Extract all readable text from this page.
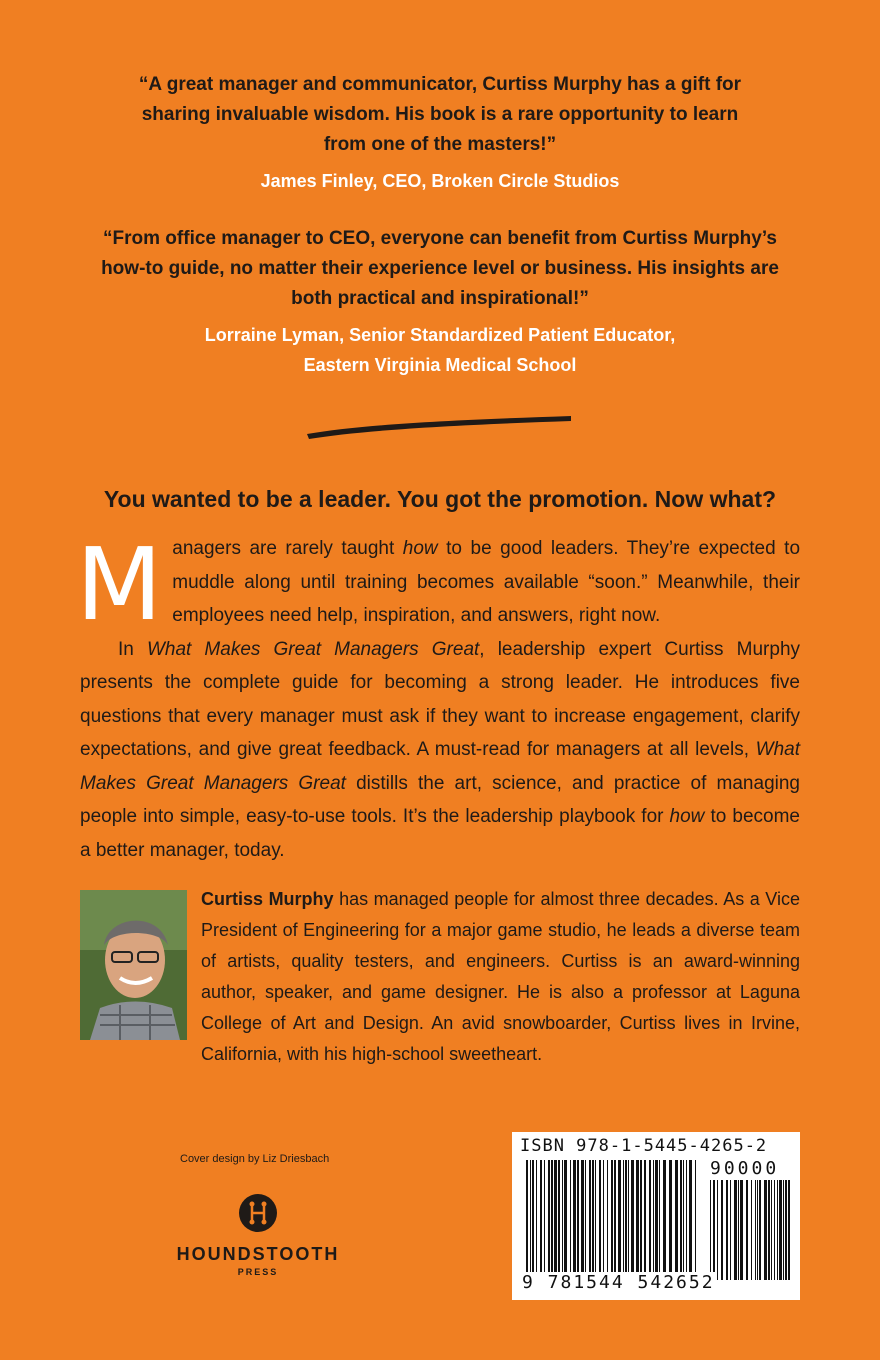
“A great manager and communicator, Curtiss Murphy has a gift for sharing invaluable wisdom. His book is a rare opportunity to learn from one of the masters!”

James Finley, CEO, Broken Circle Studios

“From office manager to CEO, everyone can benefit from Curtiss Murphy’s how-to guide, no matter their experience level or business. His insights are both practical and inspirational!”

Lorraine Lyman, Senior Standardized Patient Educator,
Eastern Virginia Medical School

You wanted to be a leader. You got the promotion. Now what?

Managers are rarely taught how to be good leaders. They’re expected to muddle along until training becomes available “soon.” Meanwhile, their employees need help, inspiration, and answers, right now.

In What Makes Great Managers Great, leadership expert Curtiss Murphy presents the complete guide for becoming a strong leader. He introduces five questions that every manager must ask if they want to increase engagement, clarify expectations, and give great feedback. A must-read for managers at all levels, What Makes Great Managers Great distills the art, science, and practice of managing people into simple, easy-to-use tools. It’s the leadership playbook for how to become a better manager, today.

Curtiss Murphy has managed people for almost three decades. As a Vice President of Engineering for a major game studio, he leads a diverse team of artists, quality testers, and engineers. Curtiss is an award-winning author, speaker, and game designer. He is also a professor at Laguna College of Art and Design. An avid snowboarder, Curtiss lives in Irvine, California, with his high-school sweetheart.

Cover design by Liz Driesbach
HOUNDSTOOTH
PRESS
ISBN 978-1-5445-4265-2
90000
9 781544 542652
